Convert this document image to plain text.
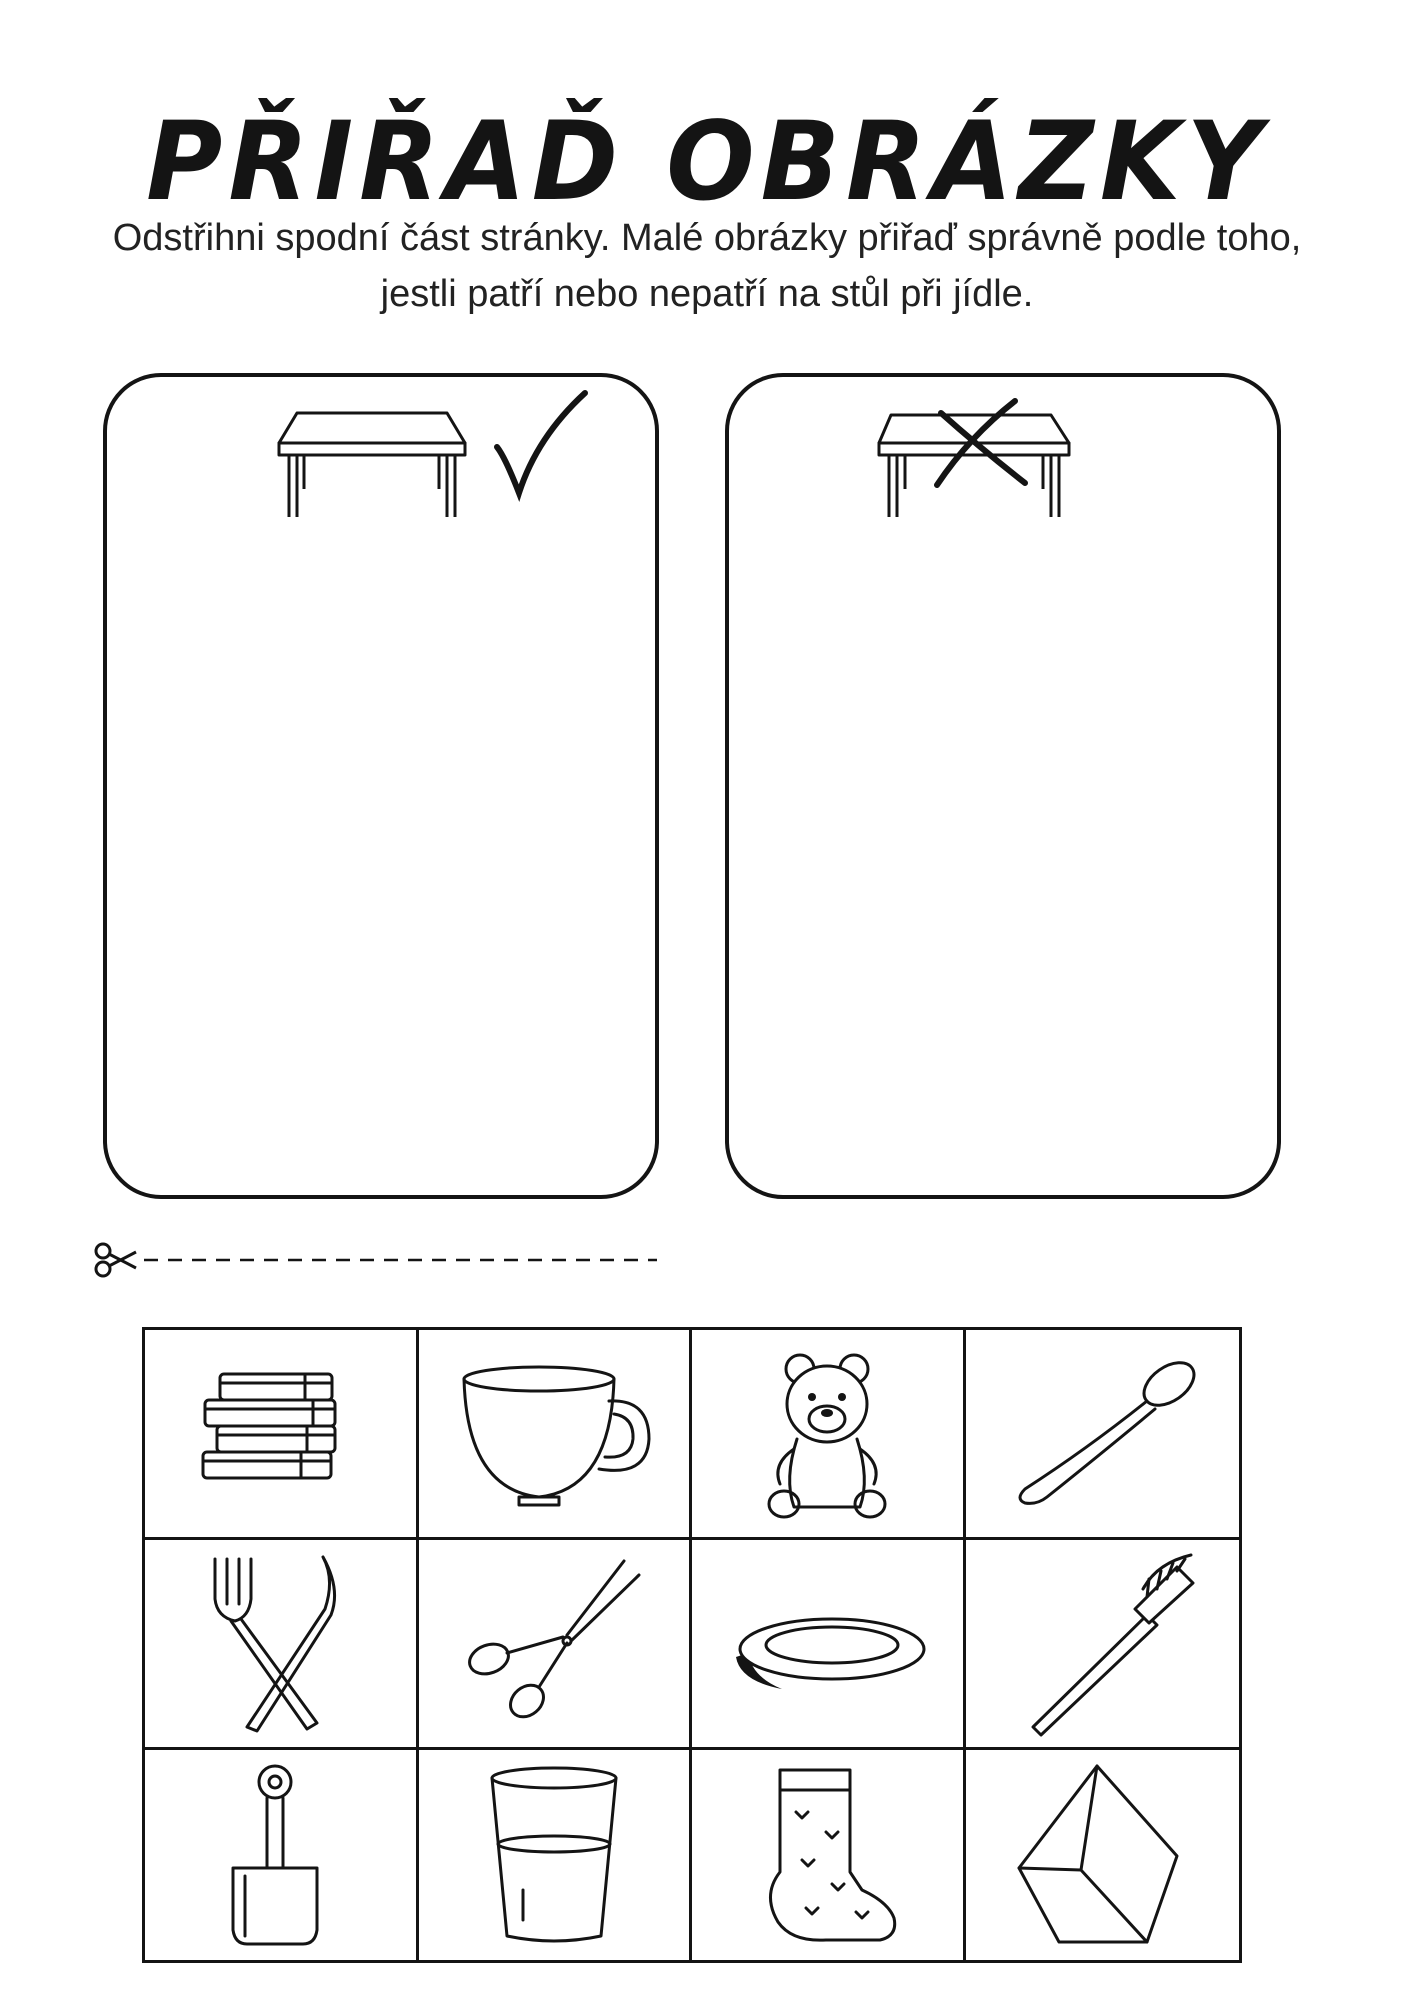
PŘIŘAĎ OBRÁZKY
Odstřihni spodní část stránky. Malé obrázky přiřaď správně podle toho, jestli patří nebo nepatří na stůl při jídle.
